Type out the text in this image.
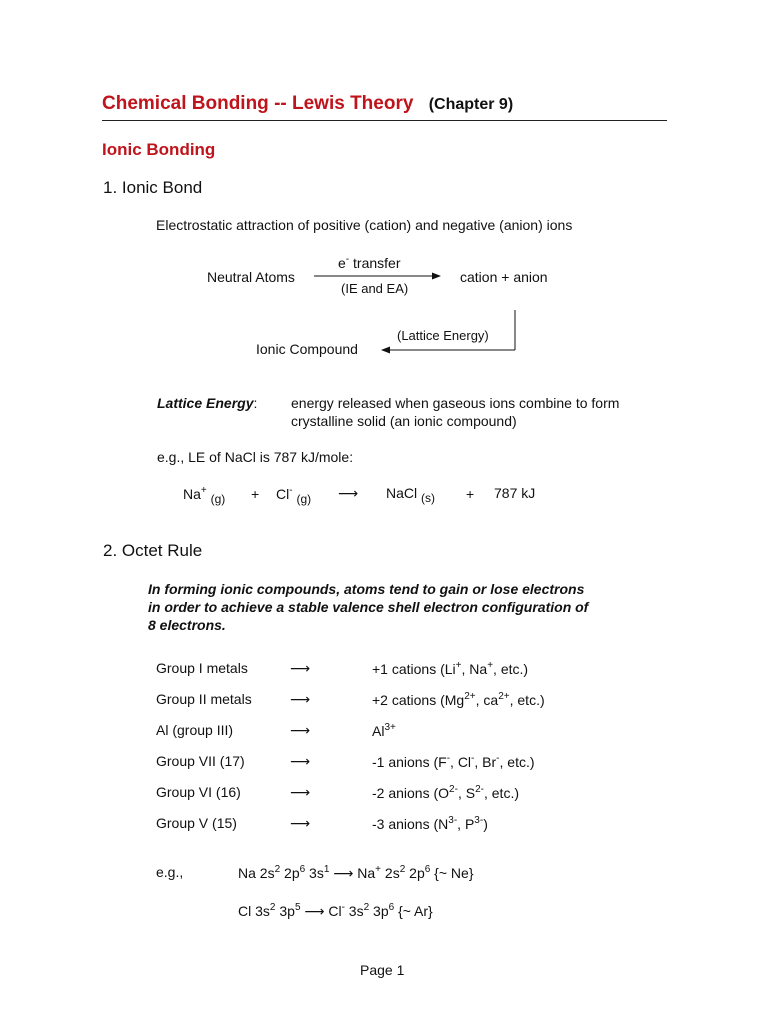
Chemical Bonding -- Lewis Theory (Chapter 9)
Ionic Bonding
1. Ionic Bond
Electrostatic attraction of positive (cation) and negative (anion) ions
Neutral Atoms
e- transfer
(IE and EA)
cation + anion
(Lattice Energy)
Ionic Compound
Lattice Energy: energy released when gaseous ions combine to form
crystalline solid (an ionic compound)
e.g., LE of NaCl is 787 kJ/mole:
Na+ (g) + Cl- (g) ⟶ NaCl (s) + 787 kJ
2. Octet Rule
In forming ionic compounds, atoms tend to gain or lose electrons
in order to achieve a stable valence shell electron configuration of
8 electrons.
Group I metals	⟶	+1 cations (Li+, Na+, etc.)
Group II metals	⟶	+2 cations ($Mg^{2+}$, $ca^{2+}$, etc.)
Al (group III)	⟶	$Al^{3+}$
Group VII (17)	⟶	-1 anions (F-, Cl-, Br-, etc.)
Group VI (16)	⟶	-2 anions ($O^{2-}$, $S^{2-}$, etc.)
Group V (15)	⟶	-3 anions ($N^{3-}$, $P^{3-}$)
e.g.,	Na $2s^2$ $2p^6$ $3s^1$ ⟶ Na+ $2s^2$ $2p^6$ {~ Ne}
Cl $3s^2$ $3p^5$ ⟶ Cl- $3s^2$ $3p^6$ {~ Ar}
Page 1
